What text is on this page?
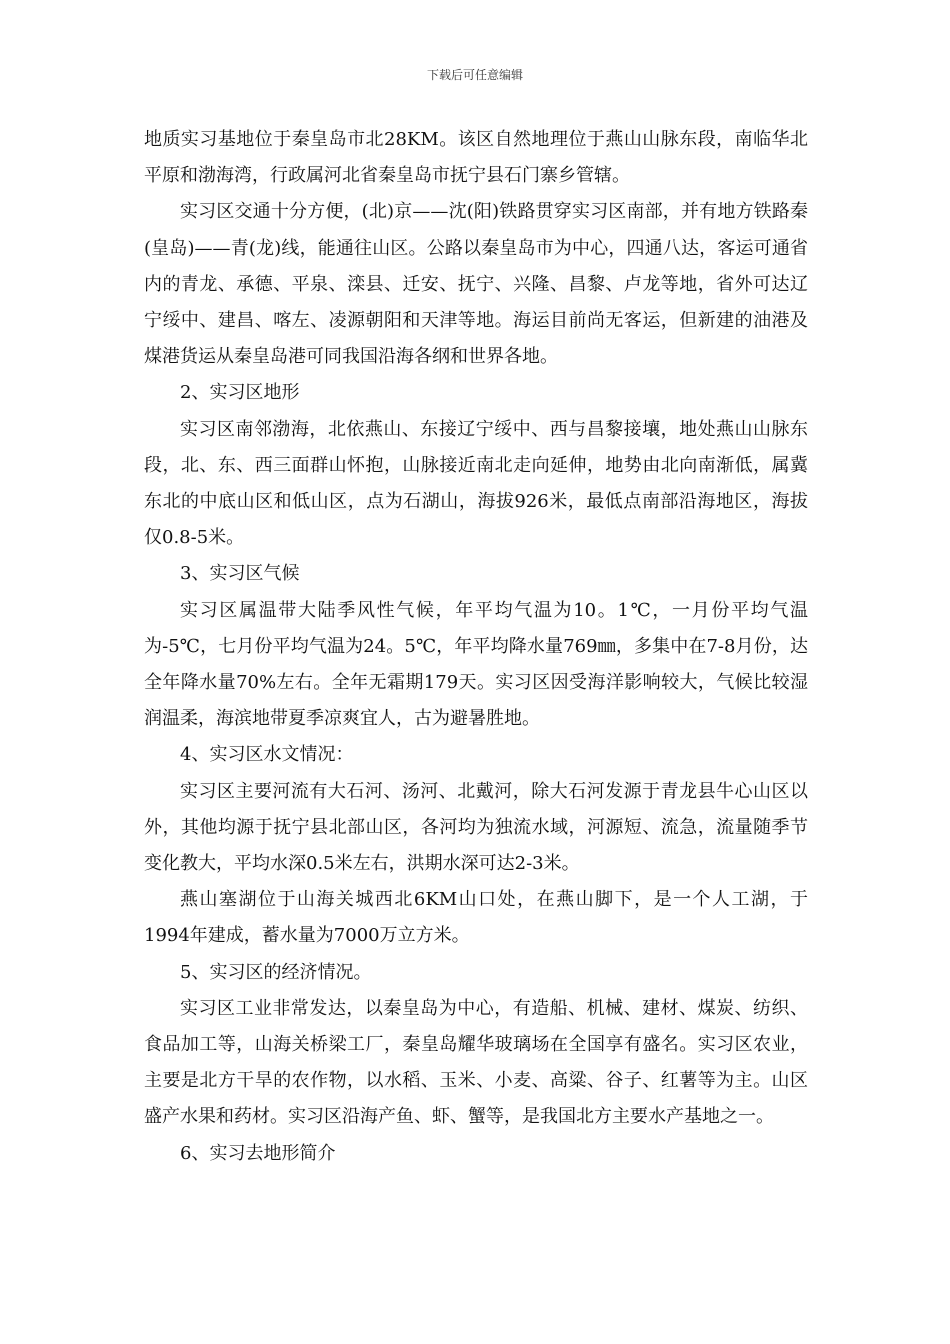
下载后可任意编辑

地质实习基地位于秦皇岛市北28KM。该区自然地理位于燕山山脉东段，南临华北平原和渤海湾，行政属河北省秦皇岛市抚宁县石门寨乡管辖。

实习区交通十分方便，(北)京——沈(阳)铁路贯穿实习区南部，并有地方铁路秦(皇岛)——青(龙)线，能通往山区。公路以秦皇岛市为中心，四通八达，客运可通省内的青龙、承德、平泉、滦县、迁安、抚宁、兴隆、昌黎、卢龙等地，省外可达辽宁绥中、建昌、喀左、凌源朝阳和天津等地。海运目前尚无客运，但新建的油港及煤港货运从秦皇岛港可同我国沿海各纲和世界各地。

2、实习区地形

实习区南邻渤海，北依燕山、东接辽宁绥中、西与昌黎接壤，地处燕山山脉东段，北、东、西三面群山怀抱，山脉接近南北走向延伸，地势由北向南渐低，属冀东北的中底山区和低山区，点为石湖山，海拔926米，最低点南部沿海地区，海拔仅0.8-5米。

3、实习区气候

实习区属温带大陆季风性气候，年平均气温为10。1℃，一月份平均气温为-5℃，七月份平均气温为24。5℃，年平均降水量769㎜，多集中在7-8月份，达全年降水量70%左右。全年无霜期179天。实习区因受海洋影响较大，气候比较湿润温柔，海滨地带夏季凉爽宜人，古为避暑胜地。

4、实习区水文情况：

实习区主要河流有大石河、汤河、北戴河，除大石河发源于青龙县牛心山区以外，其他均源于抚宁县北部山区，各河均为独流水域，河源短、流急，流量随季节变化教大，平均水深0.5米左右，洪期水深可达2-3米。

燕山塞湖位于山海关城西北6KM山口处，在燕山脚下，是一个人工湖，于1994年建成，蓄水量为7000万立方米。

5、实习区的经济情况。

实习区工业非常发达，以秦皇岛为中心，有造船、机械、建材、煤炭、纺织、食品加工等，山海关桥梁工厂，秦皇岛耀华玻璃场在全国享有盛名。实习区农业，主要是北方干旱的农作物，以水稻、玉米、小麦、高粱、谷子、红薯等为主。山区盛产水果和药材。实习区沿海产鱼、虾、蟹等，是我国北方主要水产基地之一。

6、实习去地形简介
